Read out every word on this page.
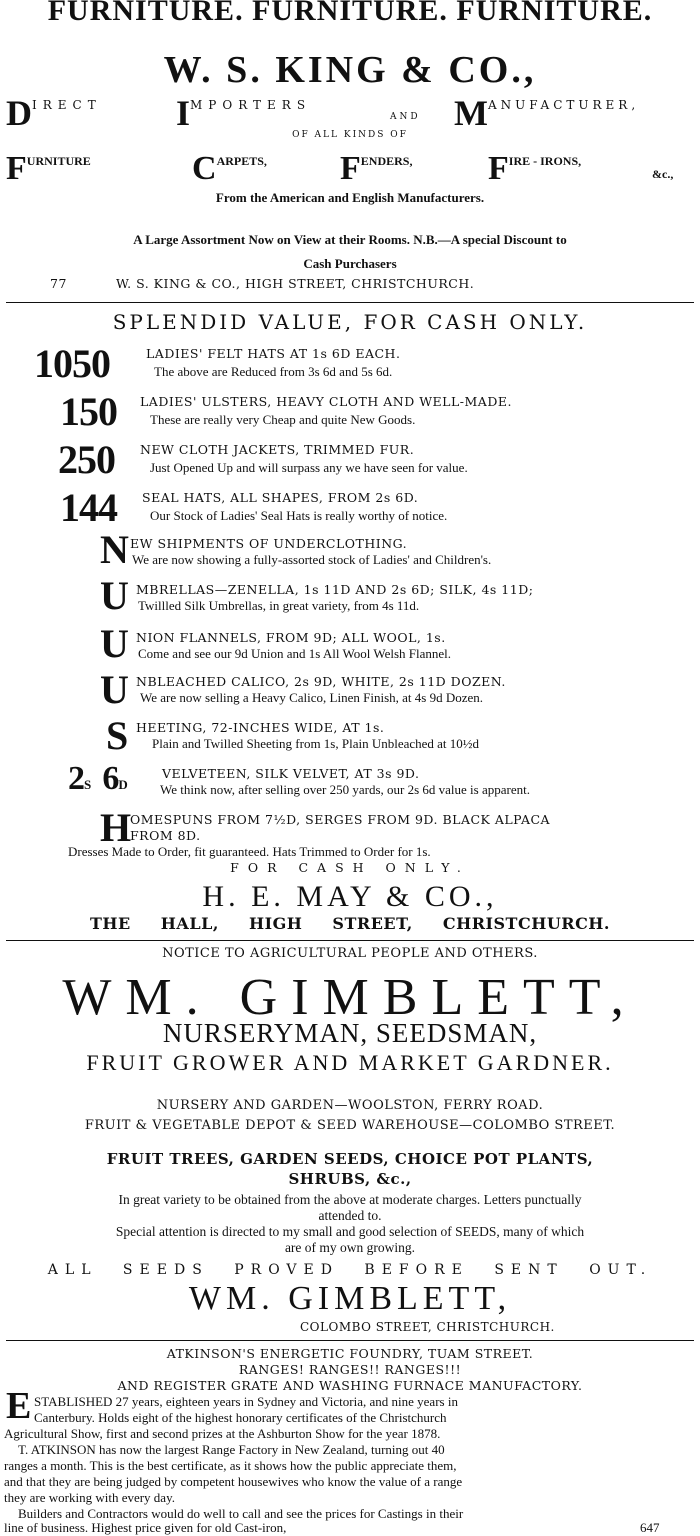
FURNITURE. FURNITURE. FURNITURE.
W. S. KING & CO.,
$D^{IRECT}$ $I^{MPORTERS}$
AND $M^{ANUFACTURER,}$
OF ALL KINDS OF
$F^{URNITURE}$	$C^{ARPETS,}$ $F^{ENDERS,}$ $F^{IRE - IRONS,}$
&c.,
From the American and English Manufacturers.
A Large Assortment Now on View at their Rooms. N.B.—A special Discount to
Cash Purchasers
77	W. S. KING & CO., HIGH STREET, CHRISTCHURCH.
SPLENDID VALUE, FOR CASH ONLY.
1050	LADIES' FELT HATS AT 1s 6D EACH.
The above are Reduced from 3s 6d and 5s 6d.
150 LADIES' ULSTERS, HEAVY CLOTH AND WELL-MADE.
These are really very Cheap and quite New Goods.
250 NEW CLOTH JACKETS, TRIMMED FUR.
Just Opened Up and will surpass any we have seen for value.
144 SEAL HATS, ALL SHAPES, FROM 2s 6D.
Our Stock of Ladies' Seal Hats is really worthy of notice.
N EW SHIPMENTS OF UNDERCLOTHING.
We are now showing a fully-assorted stock of Ladies' and Children's.
U MBRELLAS—ZENELLA, 1s 11D AND 2s 6D; SILK, 4s 11D;
Twillled Silk Umbrellas, in great variety, from 4s 11d.
U NION FLANNELS, FROM 9D; ALL WOOL, 1s.
Come and see our 9d Union and 1s All Wool Welsh Flannel.
U NBLEACHED CALICO, 2s 9D, WHITE, 2s 11D DOZEN.
We are now selling a Heavy Calico, Linen Finish, at 4s 9d Dozen.
S HEETING, 72-INCHES WIDE, AT 1s.
Plain and Twilled Sheeting from 1s, Plain Unbleached at 10½d
2S 6D
VELVETEEN, SILK VELVET, AT 3s 9D.
We think now, after selling over 250 yards, our 2s 6d value is apparent.
H
OMESPUNS FROM 7½D, SERGES FROM 9D. BLACK ALPACA
FROM 8D.
Dresses Made to Order, fit guaranteed. Hats Trimmed to Order for 1s.
FOR CASH ONLY.
H. E. MAY & CO.,
THE HALL, HIGH STREET, CHRISTCHURCH.
NOTICE TO AGRICULTURAL PEOPLE AND OTHERS.
WM. GIMBLETT,
NURSERYMAN, SEEDSMAN,
FRUIT GROWER AND MARKET GARDNER.
NURSERY AND GARDEN—WOOLSTON, FERRY ROAD.
FRUIT & VEGETABLE DEPOT & SEED WAREHOUSE—COLOMBO STREET.
FRUIT TREES, GARDEN SEEDS, CHOICE POT PLANTS,
SHRUBS, &c.,
In great variety to be obtained from the above at moderate charges. Letters punctually
attended to.
Special attention is directed to my small and good selection of SEEDS, many of which
are of my own growing.
ALL SEEDS PROVED BEFORE SENT OUT.
WM. GIMBLETT,
COLOMBO STREET, CHRISTCHURCH.
ATKINSON'S ENERGETIC FOUNDRY, TUAM STREET.
RANGES! RANGES!! RANGES!!!
AND REGISTER GRATE AND WASHING FURNACE MANUFACTORY.
E STABLISHED 27 years, eighteen years in Sydney and Victoria, and nine years in
Canterbury. Holds eight of the highest honorary certificates of the Christchurch
Agricultural Show, first and second prizes at the Ashburton Show for the year 1878.
T. ATKINSON has now the largest Range Factory in New Zealand, turning out 40
ranges a month. This is the best certificate, as it shows how the public appreciate them,
and that they are being judged by competent housewives who know the value of a range
they are working with every day.
Builders and Contractors would do well to call and see the prices for Castings in their
line of business. Highest price given for old Cast-iron,	647
